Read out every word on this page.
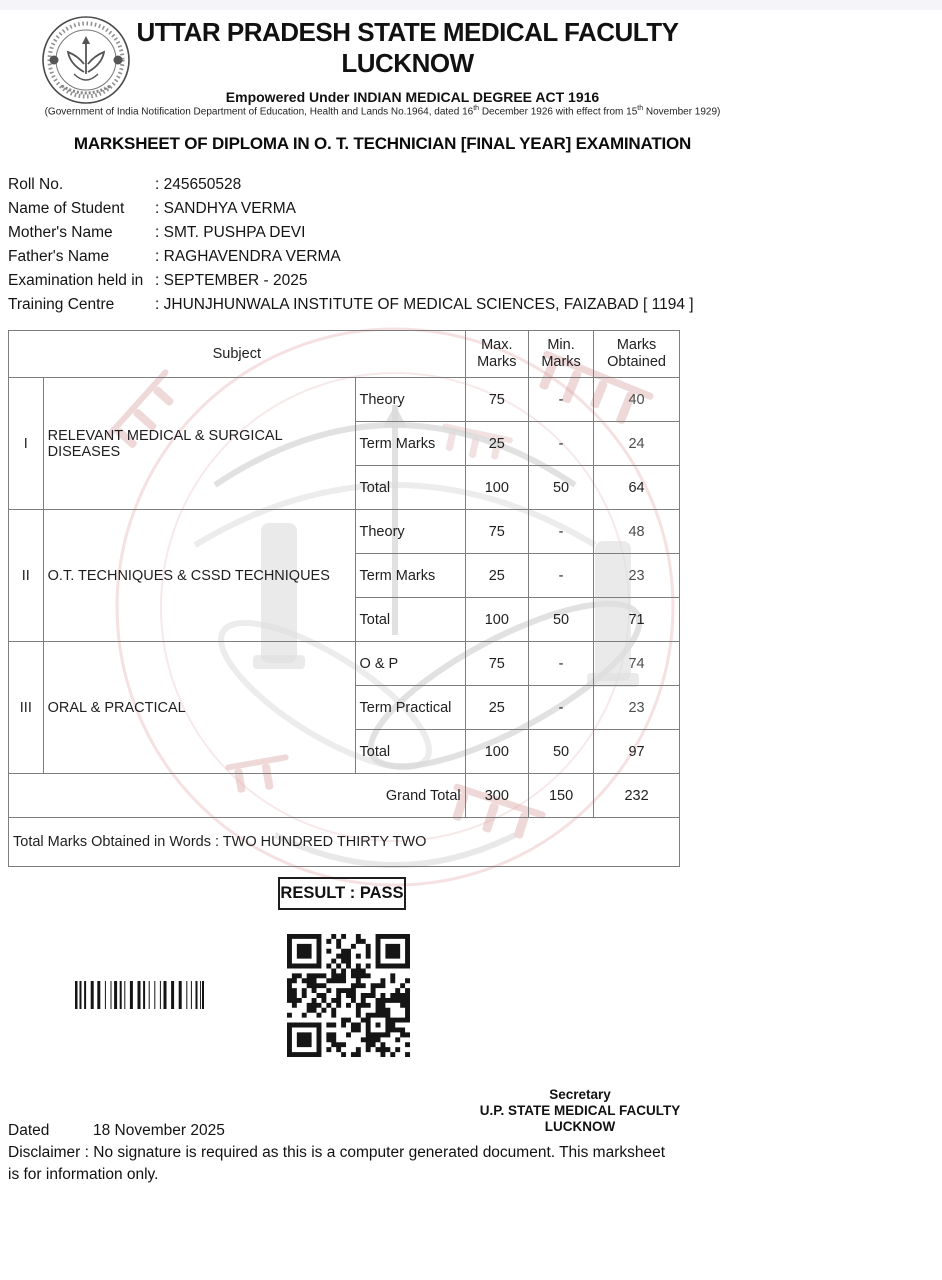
UTTAR PRADESH STATE MEDICAL FACULTY
LUCKNOW
Empowered Under INDIAN MEDICAL DEGREE ACT 1916
(Government of India Notification Department of Education, Health and Lands No.1964, dated 16th December 1926 with effect from 15th November 1929)
MARKSHEET OF DIPLOMA IN O. T. TECHNICIAN [FINAL YEAR] EXAMINATION
Roll No.	: 245650528
Name of Student	: SANDHYA VERMA
Mother's Name	: SMT. PUSHPA DEVI
Father's Name	: RAGHAVENDRA VERMA
Examination held in : SEPTEMBER - 2025
Training Centre	: JHUNJHUNWALA INSTITUTE OF MEDICAL SCIENCES, FAIZABAD [ 1194 ]
Subject			Max. Marks	Min. Marks	Marks Obtained
I	RELEVANT MEDICAL & SURGICAL DISEASES	Theory	75	-	40
		Term Marks	25	-	24
		Total	100	50	64
II	O.T. TECHNIQUES & CSSD TECHNIQUES	Theory	75	-	48
		Term Marks	25	-	23
		Total	100	50	71
III	ORAL & PRACTICAL	O & P	75	-	74
		Term Practical	25	-	23
		Total	100	50	97
Grand Total			300	150	232
Total Marks Obtained in Words : TWO HUNDRED THIRTY TWO					
RESULT : PASS
Secretary
U.P. STATE MEDICAL FACULTY
LUCKNOW
Dated	18 November 2025
Disclaimer : No signature is required as this is a computer generated document. This marksheet is for information only.
